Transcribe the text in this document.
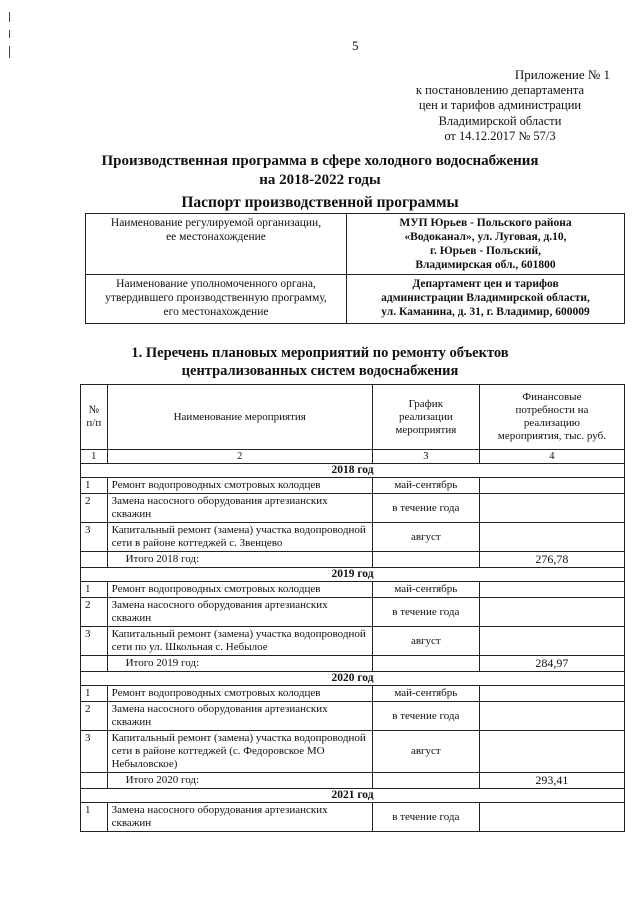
5
Приложение № 1
к постановлению департамента
цен и тарифов администрации
Владимирской области
от 14.12.2017 № 57/3
Производственная программа в сфере холодного водоснабжения
на 2018-2022 годы
Паспорт производственной программы
Наименование регулируемой организации,
ее местонахождение	МУП Юрьев - Польского района
«Водоканал», ул. Луговая, д.10,
г. Юрьев - Польский,
Владимирская обл., 601800
Наименование уполномоченного органа,
утвердившего производственную программу,
его местонахождение	Департамент цен и тарифов
администрации Владимирской области,
ул. Каманина, д. 31, г. Владимир, 600009
1. Перечень плановых мероприятий по ремонту объектов
централизованных систем водоснабжения
№
п/п	Наименование мероприятия	График
реализации
мероприятия	Финансовые
потребности на
реализацию
мероприятия, тыс. руб.
1	2	3	4
2018 год			
1	Ремонт водопроводных смотровых колодцев	май-сентябрь	
2	Замена насосного оборудования артезианских скважин	в течение года	
3	Капитальный ремонт (замена) участка водопроводной сети в районе коттеджей с. Звенцево	август	
	Итого 2018 год:		276,78
2019 год			
1	Ремонт водопроводных смотровых колодцев	май-сентябрь	
2	Замена насосного оборудования артезианских скважин	в течение года	
3	Капитальный ремонт (замена) участка водопроводной сети по ул. Школьная с. Небылое	август	
	Итого 2019 год:		284,97
2020 год			
1	Ремонт водопроводных смотровых колодцев	май-сентябрь	
2	Замена насосного оборудования артезианских скважин	в течение года	
3	Капитальный ремонт (замена) участка водопроводной сети в районе коттеджей (с. Федоровское МО Небыловское)	август	
	Итого 2020 год:		293,41
2021 год			
1	Замена насосного оборудования артезианских скважин	в течение года	
